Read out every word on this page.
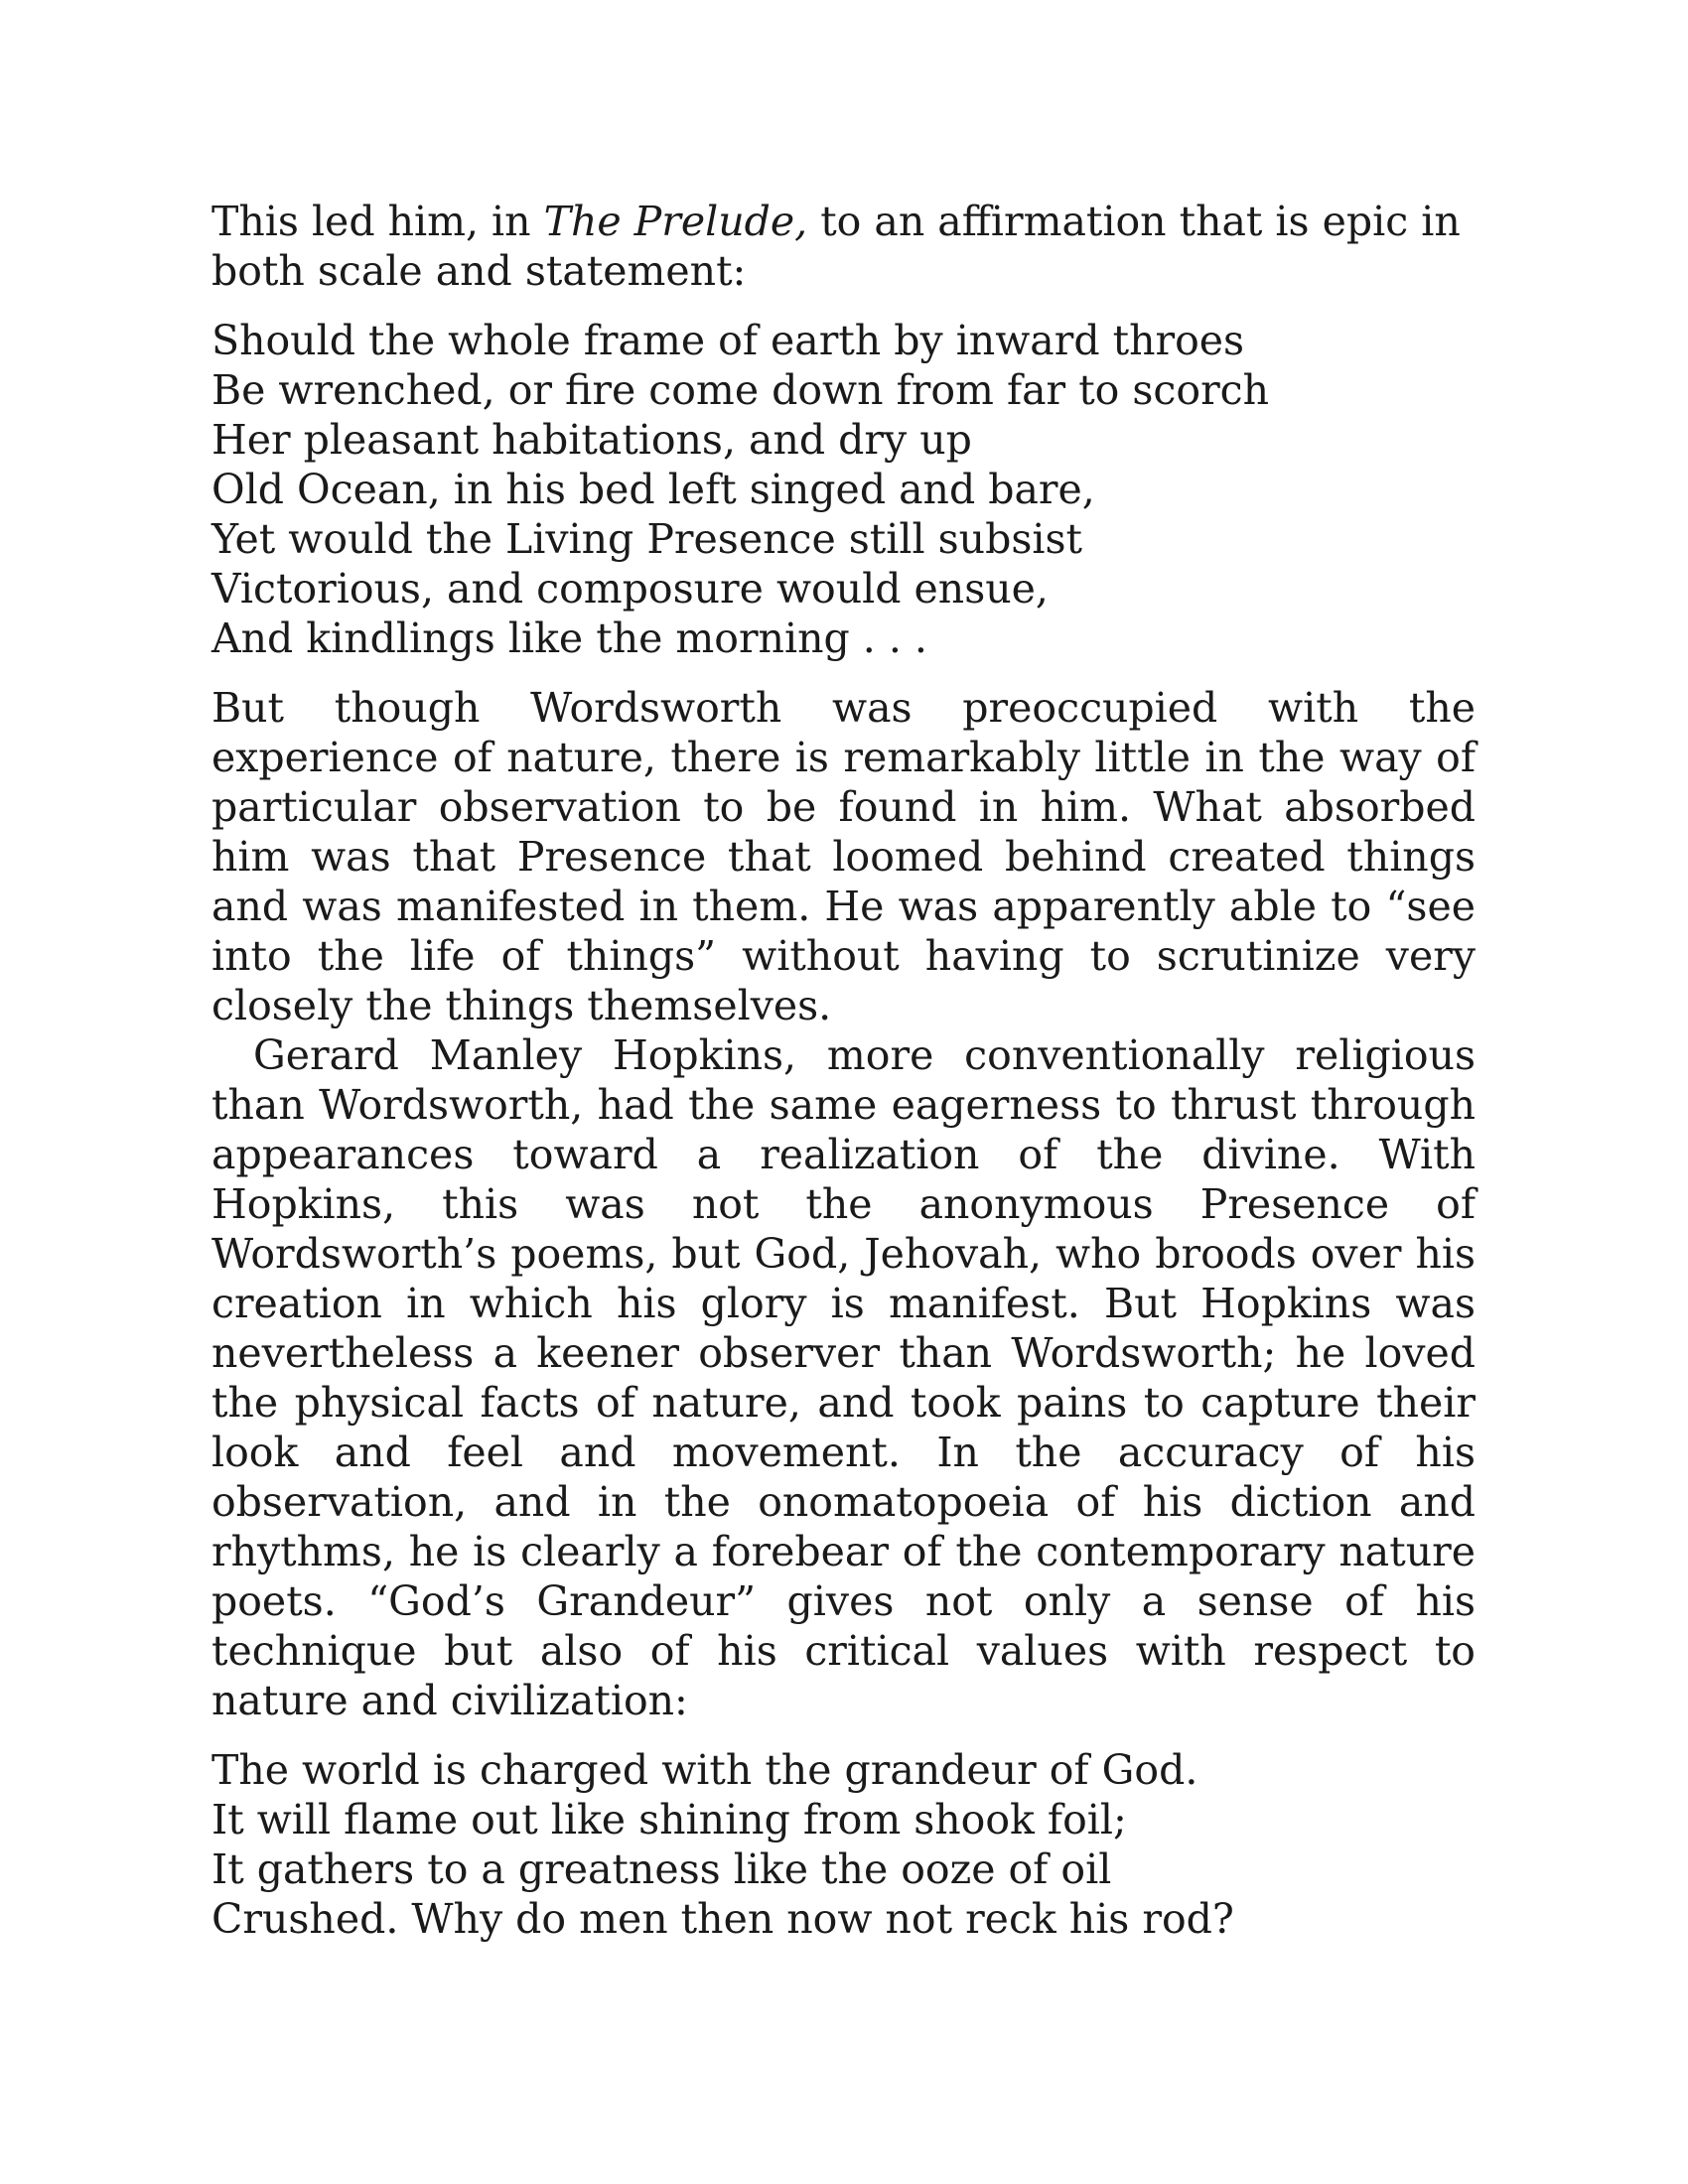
This led him, in The Prelude, to an affirmation that is epic in both scale and statement:

Should the whole frame of earth by inward throes
Be wrenched, or fire come down from far to scorch
Her pleasant habitations, and dry up
Old Ocean, in his bed left singed and bare,
Yet would the Living Presence still subsist
Victorious, and composure would ensue,
And kindlings like the morning . . .

But though Wordsworth was preoccupied with the experience of nature, there is remarkably little in the way of particular observation to be found in him. What absorbed him was that Presence that loomed behind created things and was manifested in them. He was apparently able to “see into the life of things” without having to scrutinize very closely the things themselves.

Gerard Manley Hopkins, more conventionally religious than Wordsworth, had the same eagerness to thrust through appearances toward a realization of the divine. With Hopkins, this was not the anonymous Presence of Wordsworth’s poems, but God, Jehovah, who broods over his creation in which his glory is manifest. But Hopkins was nevertheless a keener observer than Wordsworth; he loved the physical facts of nature, and took pains to capture their look and feel and movement. In the accuracy of his observation, and in the onomatopoeia of his diction and rhythms, he is clearly a forebear of the contemporary nature poets. “God’s Grandeur” gives not only a sense of his technique but also of his critical values with respect to nature and civilization:

The world is charged with the grandeur of God.
It will flame out like shining from shook foil;
It gathers to a greatness like the ooze of oil
Crushed. Why do men then now not reck his rod?
